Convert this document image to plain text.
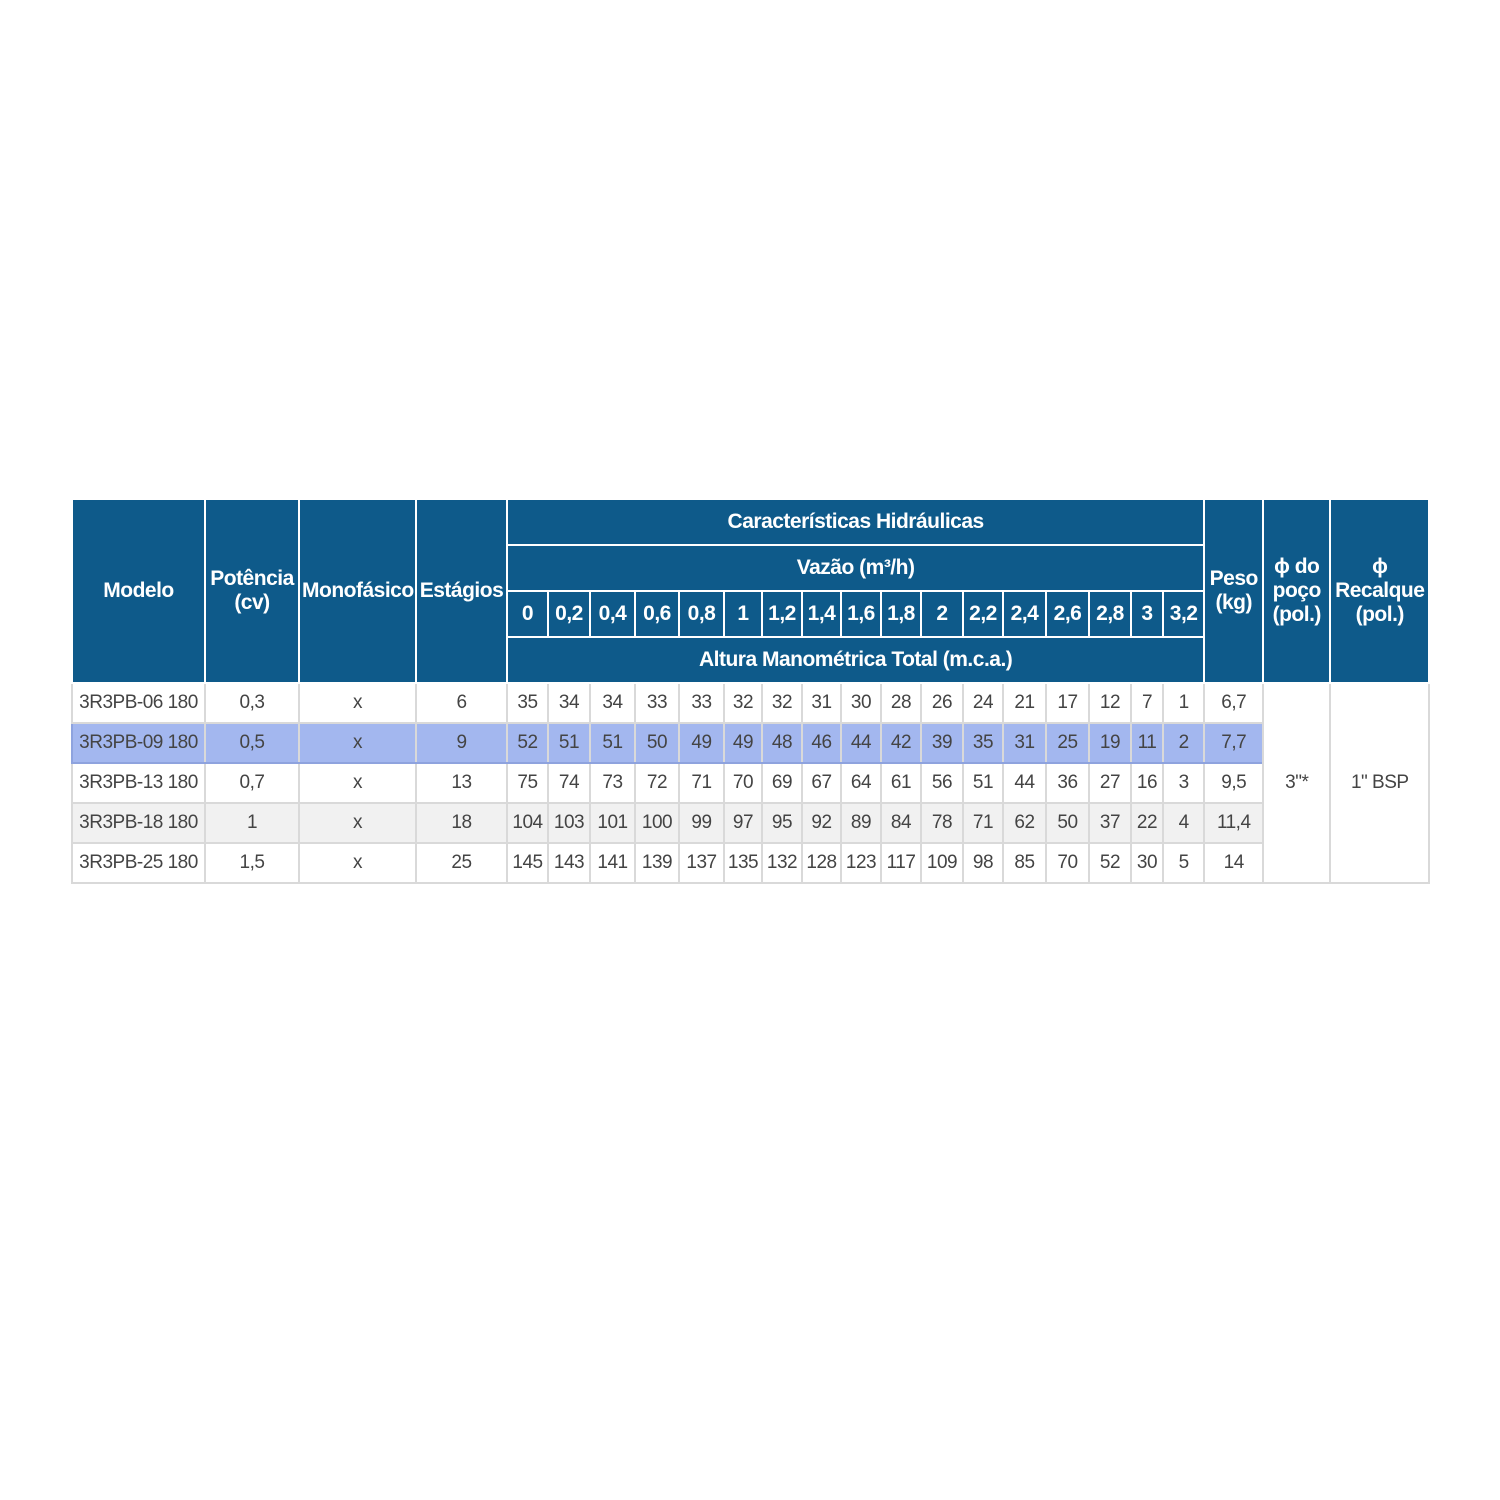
Modelo	Potência (cv)	Monofásico	Estágios	Características Hidráulicas																	Peso (kg)	ϕ do poço (pol.)	ϕ Recalque (pol.)
				Vazão (m³/h)																			
				0	0,2	0,4	0,6	0,8	1	1,2	1,4	1,6	1,8	2	2,2	2,4	2,6	2,8	3	3,2			
				Altura Manométrica Total (m.c.a.)																			
3R3PB-06 180	0,3	x	6	35	34	34	33	33	32	32	31	30	28	26	24	21	17	12	7	1	6,7	3"*	1" BSP
3R3PB-09 180	0,5	x	9	52	51	51	50	49	49	48	46	44	42	39	35	31	25	19	11	2	7,7		
3R3PB-13 180	0,7	x	13	75	74	73	72	71	70	69	67	64	61	56	51	44	36	27	16	3	9,5		
3R3PB-18 180	1	x	18	104	103	101	100	99	97	95	92	89	84	78	71	62	50	37	22	4	11,4		
3R3PB-25 180	1,5	x	25	145	143	141	139	137	135	132	128	123	117	109	98	85	70	52	30	5	14		
